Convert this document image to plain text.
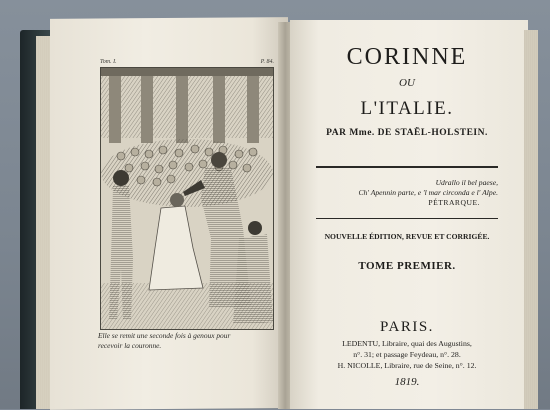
Tom. I.	P. 84.
Elle se remit une seconde fois à genoux pour
recevoir la couronne.
CORINNE
OU
L'ITALIE.
PAR Mme. DE STAËL-HOLSTEIN.
Udrallo il bel paese,
Ch' Apennin parte, e 'l mar circonda e l' Alpe.
PÉTRARQUE.
NOUVELLE ÉDITION, REVUE ET CORRIGÉE.
TOME PREMIER.
PARIS.
LEDENTU, Libraire, quai des Augustins,
n°. 31; et passage Feydeau, n°. 28.
H. NICOLLE, Libraire, rue de Seine, n°. 12.
1819.
